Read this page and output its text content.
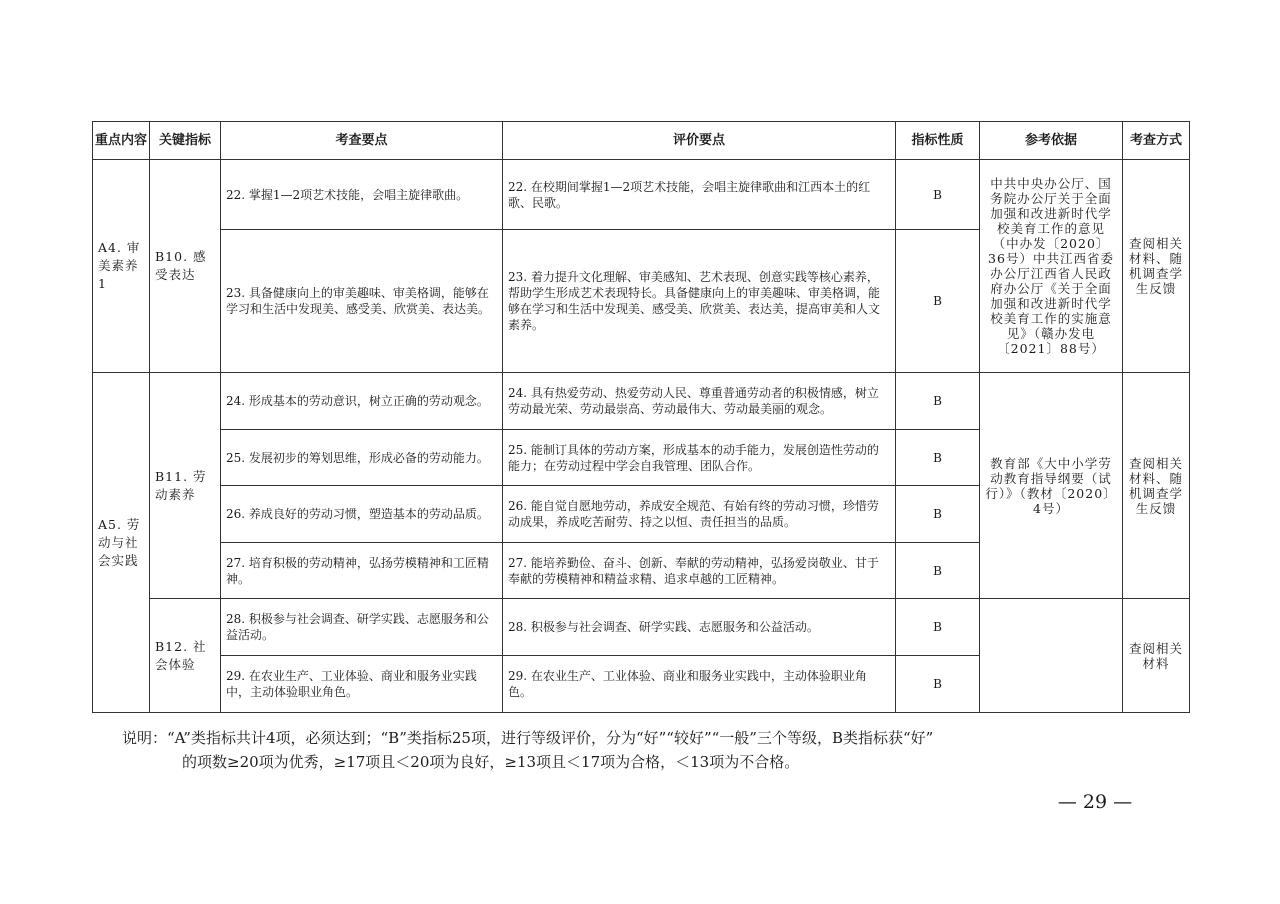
重点内容	关键指标	考查要点	评价要点	指标性质	参考依据	考查方式
A4. 审美素养1	B10. 感受表达	22. 掌握1—2项艺术技能，会唱主旋律歌曲。	22. 在校期间掌握1—2项艺术技能，会唱主旋律歌曲和江西本土的红歌、民歌。	B	中共中央办公厅、国务院办公厅关于全面加强和改进新时代学校美育工作的意见（中办发〔2020〕36号）中共江西省委办公厅江西省人民政府办公厅《关于全面加强和改进新时代学校美育工作的实施意见》（赣办发电〔2021〕88号）	查阅相关材料、随机调查学生反馈
		23. 具备健康向上的审美趣味、审美格调，能够在学习和生活中发现美、感受美、欣赏美、表达美。	23. 着力提升文化理解、审美感知、艺术表现、创意实践等核心素养，帮助学生形成艺术表现特长。具备健康向上的审美趣味、审美格调，能够在学习和生活中发现美、感受美、欣赏美、表达美，提高审美和人文素养。	B		
A5. 劳动与社会实践	B11. 劳动素养	24. 形成基本的劳动意识，树立正确的劳动观念。	24. 具有热爱劳动、热爱劳动人民、尊重普通劳动者的积极情感，树立劳动最光荣、劳动最崇高、劳动最伟大、劳动最美丽的观念。	B	教育部《大中小学劳动教育指导纲要（试行）》（教材〔2020〕4号）	查阅相关材料、随机调查学生反馈
		25. 发展初步的筹划思维，形成必备的劳动能力。	25. 能制订具体的劳动方案，形成基本的动手能力，发展创造性劳动的能力；在劳动过程中学会自我管理、团队合作。	B		
		26. 养成良好的劳动习惯，塑造基本的劳动品质。	26. 能自觉自愿地劳动，养成安全规范、有始有终的劳动习惯，珍惜劳动成果，养成吃苦耐劳、持之以恒、责任担当的品质。	B		
		27. 培育积极的劳动精神，弘扬劳模精神和工匠精神。	27. 能培养勤俭、奋斗、创新、奉献的劳动精神，弘扬爱岗敬业、甘于奉献的劳模精神和精益求精、追求卓越的工匠精神。	B		
	B12. 社会体验	28. 积极参与社会调查、研学实践、志愿服务和公益活动。	28. 积极参与社会调查、研学实践、志愿服务和公益活动。	B		查阅相关材料
		29. 在农业生产、工业体验、商业和服务业实践中，主动体验职业角色。	29. 在农业生产、工业体验、商业和服务业实践中，主动体验职业角色。	B		
说明：“A”类指标共计4项，必须达到；“B”类指标25项，进行等级评价，分为“好”“较好”“一般”三个等级，B类指标获“好”
的项数≥20项为优秀，≥17项且＜20项为良好，≥13项且＜17项为合格，＜13项为不合格。
— 29 —
